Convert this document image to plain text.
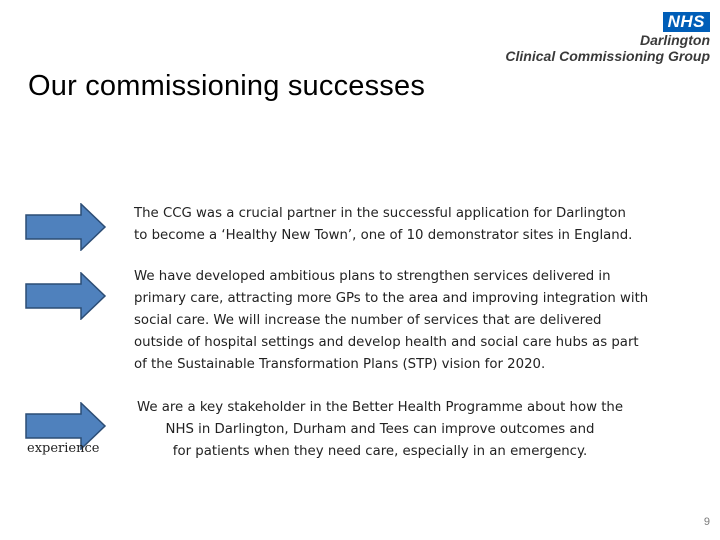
NHS
Darlington
Clinical Commissioning Group
Our commissioning successes
The CCG was a crucial partner in the successful application for Darlington
to become a ‘Healthy New Town’, one of 10 demonstrator sites in England.
We have developed ambitious plans to strengthen services delivered in
primary care, attracting more GPs to the area and improving integration with
social care. We will increase the number of services that are delivered
outside of hospital settings and develop health and social care hubs as part
of the Sustainable Transformation Plans (STP) vision for 2020.
experience
We are a key stakeholder in the Better Health Programme about how the
NHS in Darlington, Durham and Tees can improve outcomes and
for patients when they need care, especially in an emergency.
9
